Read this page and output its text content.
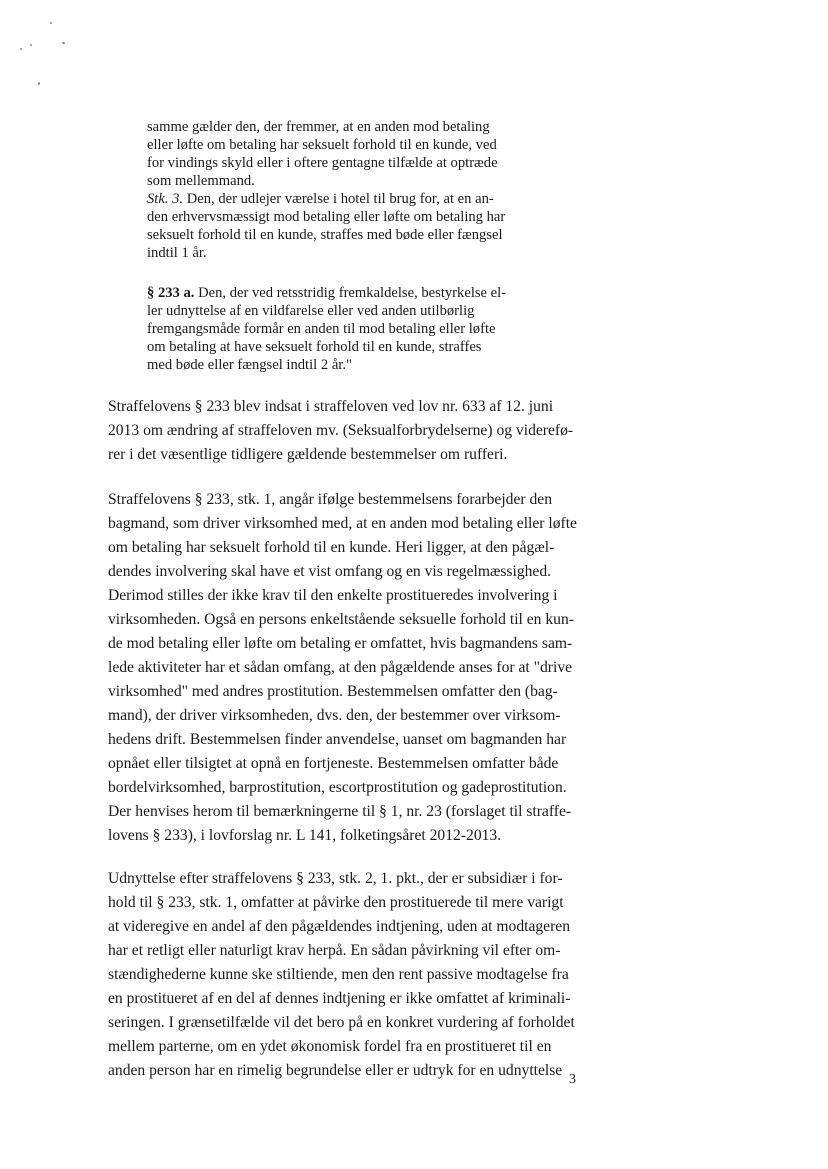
samme gælder den, der fremmer, at en anden mod betaling
eller løfte om betaling har seksuelt forhold til en kunde, ved
for vindings skyld eller i oftere gentagne tilfælde at optræde
som mellemmand.
Stk. 3. Den, der udlejer værelse i hotel til brug for, at en an-
den erhvervsmæssigt mod betaling eller løfte om betaling har
seksuelt forhold til en kunde, straffes med bøde eller fængsel
indtil 1 år.
§ 233 a. Den, der ved retsstridig fremkaldelse, bestyrkelse el-
ler udnyttelse af en vildfarelse eller ved anden utilbørlig
fremgangsmåde formår en anden til mod betaling eller løfte
om betaling at have seksuelt forhold til en kunde, straffes
med bøde eller fængsel indtil 2 år."
Straffelovens § 233 blev indsat i straffeloven ved lov nr. 633 af 12. juni
2013 om ændring af straffeloven mv. (Seksualforbrydelserne) og viderefø-
rer i det væsentlige tidligere gældende bestemmelser om rufferi.
Straffelovens § 233, stk. 1, angår ifølge bestemmelsens forarbejder den
bagmand, som driver virksomhed med, at en anden mod betaling eller løfte
om betaling har seksuelt forhold til en kunde. Heri ligger, at den pågæl-
dendes involvering skal have et vist omfang og en vis regelmæssighed.
Derimod stilles der ikke krav til den enkelte prostitueredes involvering i
virksomheden. Også en persons enkeltstående seksuelle forhold til en kun-
de mod betaling eller løfte om betaling er omfattet, hvis bagmandens sam-
lede aktiviteter har et sådan omfang, at den pågældende anses for at "drive
virksomhed" med andres prostitution. Bestemmelsen omfatter den (bag-
mand), der driver virksomheden, dvs. den, der bestemmer over virksom-
hedens drift. Bestemmelsen finder anvendelse, uanset om bagmanden har
opnået eller tilsigtet at opnå en fortjeneste. Bestemmelsen omfatter både
bordelvirksomhed, barprostitution, escortprostitution og gadeprostitution.
Der henvises herom til bemærkningerne til § 1, nr. 23 (forslaget til straffe-
lovens § 233), i lovforslag nr. L 141, folketingsåret 2012-2013.
Udnyttelse efter straffelovens § 233, stk. 2, 1. pkt., der er subsidiær i for-
hold til § 233, stk. 1, omfatter at påvirke den prostituerede til mere varigt
at videregive en andel af den pågældendes indtjening, uden at modtageren
har et retligt eller naturligt krav herpå. En sådan påvirkning vil efter om-
stændighederne kunne ske stiltiende, men den rent passive modtagelse fra
en prostitueret af en del af dennes indtjening er ikke omfattet af kriminali-
seringen. I grænsetilfælde vil det bero på en konkret vurdering af forholdet
mellem parterne, om en ydet økonomisk fordel fra en prostitueret til en
anden person har en rimelig begrundelse eller er udtryk for en udnyttelse
3
